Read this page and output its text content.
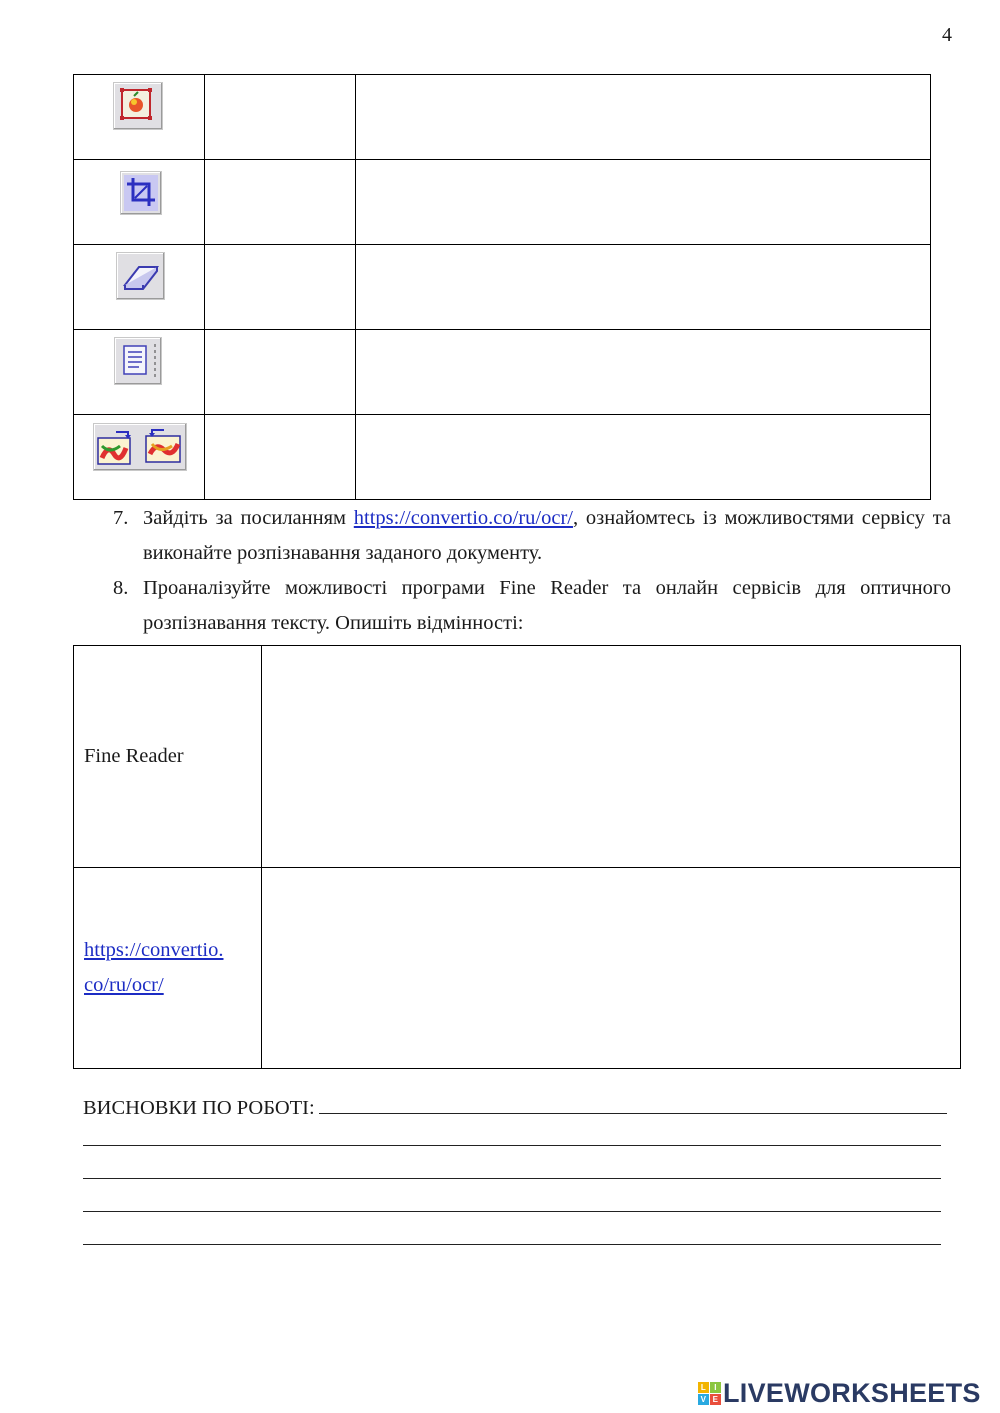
4

7. Зайдіть за посиланням https://convertio.co/ru/ocr/, ознайомтесь із можливостями сервісу та виконайте розпізнавання заданого документу.
8. Проаналізуйте можливості програми Fine Reader та онлайн сервісів для оптичного розпізнавання тексту. Опишіть відмінності:
Fine Reader	
https://convertio.
co/ru/ocr/	
ВИСНОВКИ ПО РОБОТІ:
L	I
V E LIVEWORKSHEETS
